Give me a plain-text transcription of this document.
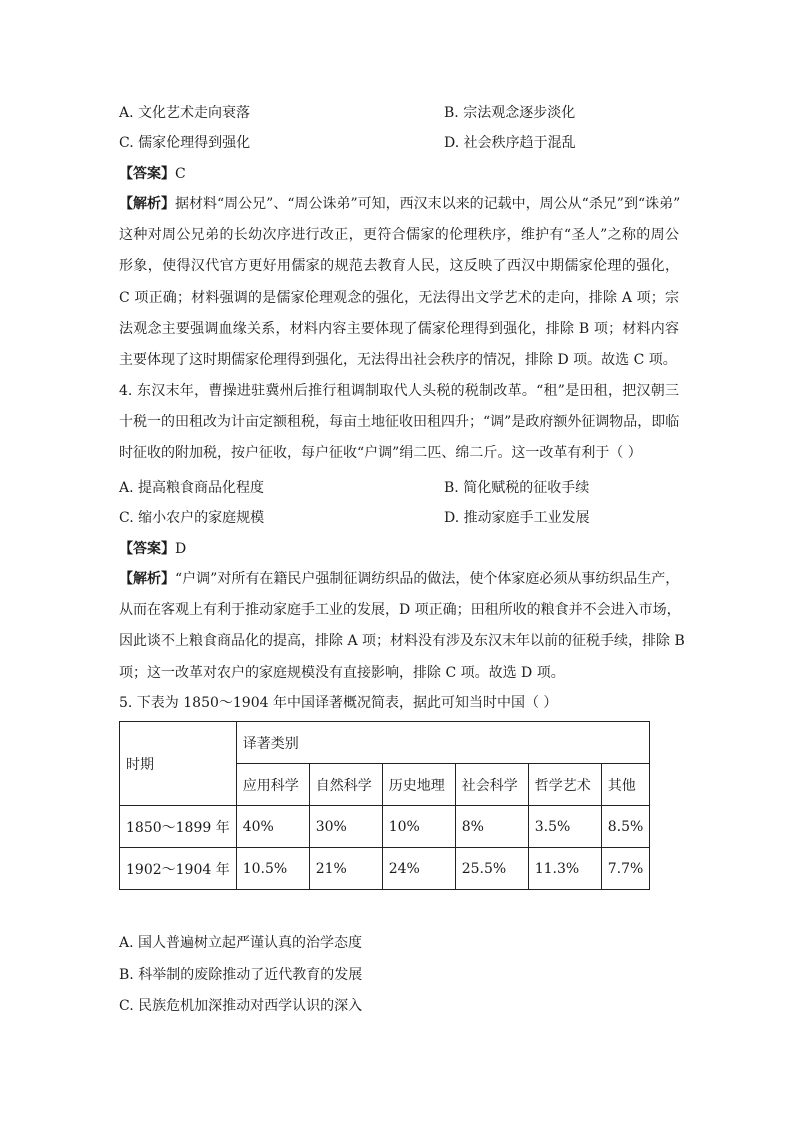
A. 文化艺术走向衰落	B. 宗法观念逐步淡化
C. 儒家伦理得到强化	D. 社会秩序趋于混乱
【答案】C
【解析】据材料“周公兄”、“周公诛弟”可知，西汉末以来的记载中，周公从“杀兄”到“诛弟”
这种对周公兄弟的长幼次序进行改正，更符合儒家的伦理秩序，维护有“圣人”之称的周公
形象，使得汉代官方更好用儒家的规范去教育人民，这反映了西汉中期儒家伦理的强化，
C 项正确；材料强调的是儒家伦理观念的强化，无法得出文学艺术的走向，排除 A 项；宗
法观念主要强调血缘关系，材料内容主要体现了儒家伦理得到强化，排除 B 项；材料内容
主要体现了这时期儒家伦理得到强化，无法得出社会秩序的情况，排除 D 项。故选 C 项。
4. 东汉末年，曹操进驻冀州后推行租调制取代人头税的税制改革。“租”是田租，把汉朝三
十税一的田租改为计亩定额租税，每亩土地征收田租四升；“调”是政府额外征调物品，即临
时征收的附加税，按户征收，每户征收“户调”绢二匹、绵二斤。这一改革有利于（ ）
A. 提高粮食商品化程度	B. 简化赋税的征收手续
C. 缩小农户的家庭规模	D. 推动家庭手工业发展
【答案】D
【解析】“户调”对所有在籍民户强制征调纺织品的做法，使个体家庭必须从事纺织品生产，
从而在客观上有利于推动家庭手工业的发展，D 项正确；田租所收的粮食并不会进入市场，
因此谈不上粮食商品化的提高，排除 A 项；材料没有涉及东汉末年以前的征税手续，排除 B
项；这一改革对农户的家庭规模没有直接影响，排除 C 项。故选 D 项。
5. 下表为 1850～1904 年中国译著概况简表，据此可知当时中国（ ）
时期	译著类别					
	应用科学	自然科学	历史地理	社会科学	哲学艺术	其他
1850～1899 年	40%	30%	10%	8%	3.5%	8.5%
1902～1904 年	10.5%	21%	24%	25.5%	11.3%	7.7%
A. 国人普遍树立起严谨认真的治学态度
B. 科举制的废除推动了近代教育的发展
C. 民族危机加深推动对西学认识的深入
